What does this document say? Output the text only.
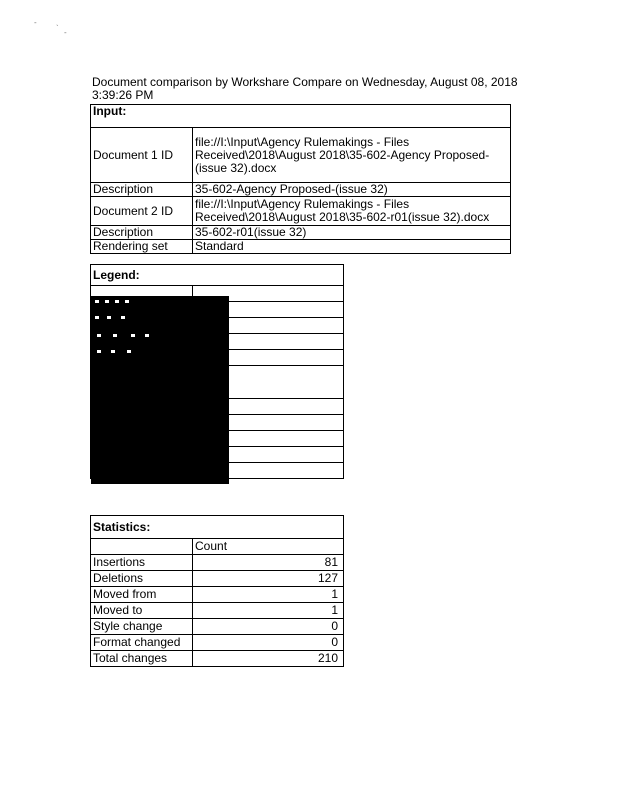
-
` -
Document comparison by Workshare Compare on Wednesday, August 08, 2018 3:39:26 PM
Input:	
Document 1 ID	file://I:\Input\Agency Rulemakings - Files Received\2018\August 2018\35-602-Agency Proposed-(issue 32).docx
Description	35-602-Agency Proposed-(issue 32)
Document 2 ID	file://I:\Input\Agency Rulemakings - Files Received\2018\August 2018\35-602-r01(issue 32).docx
Description	35-602-r01(issue 32)
Rendering set	Standard
Legend:	

Statistics:	
	Count
Insertions	81
Deletions	127
Moved from	1
Moved to	1
Style change	0
Format changed	0
Total changes	210
